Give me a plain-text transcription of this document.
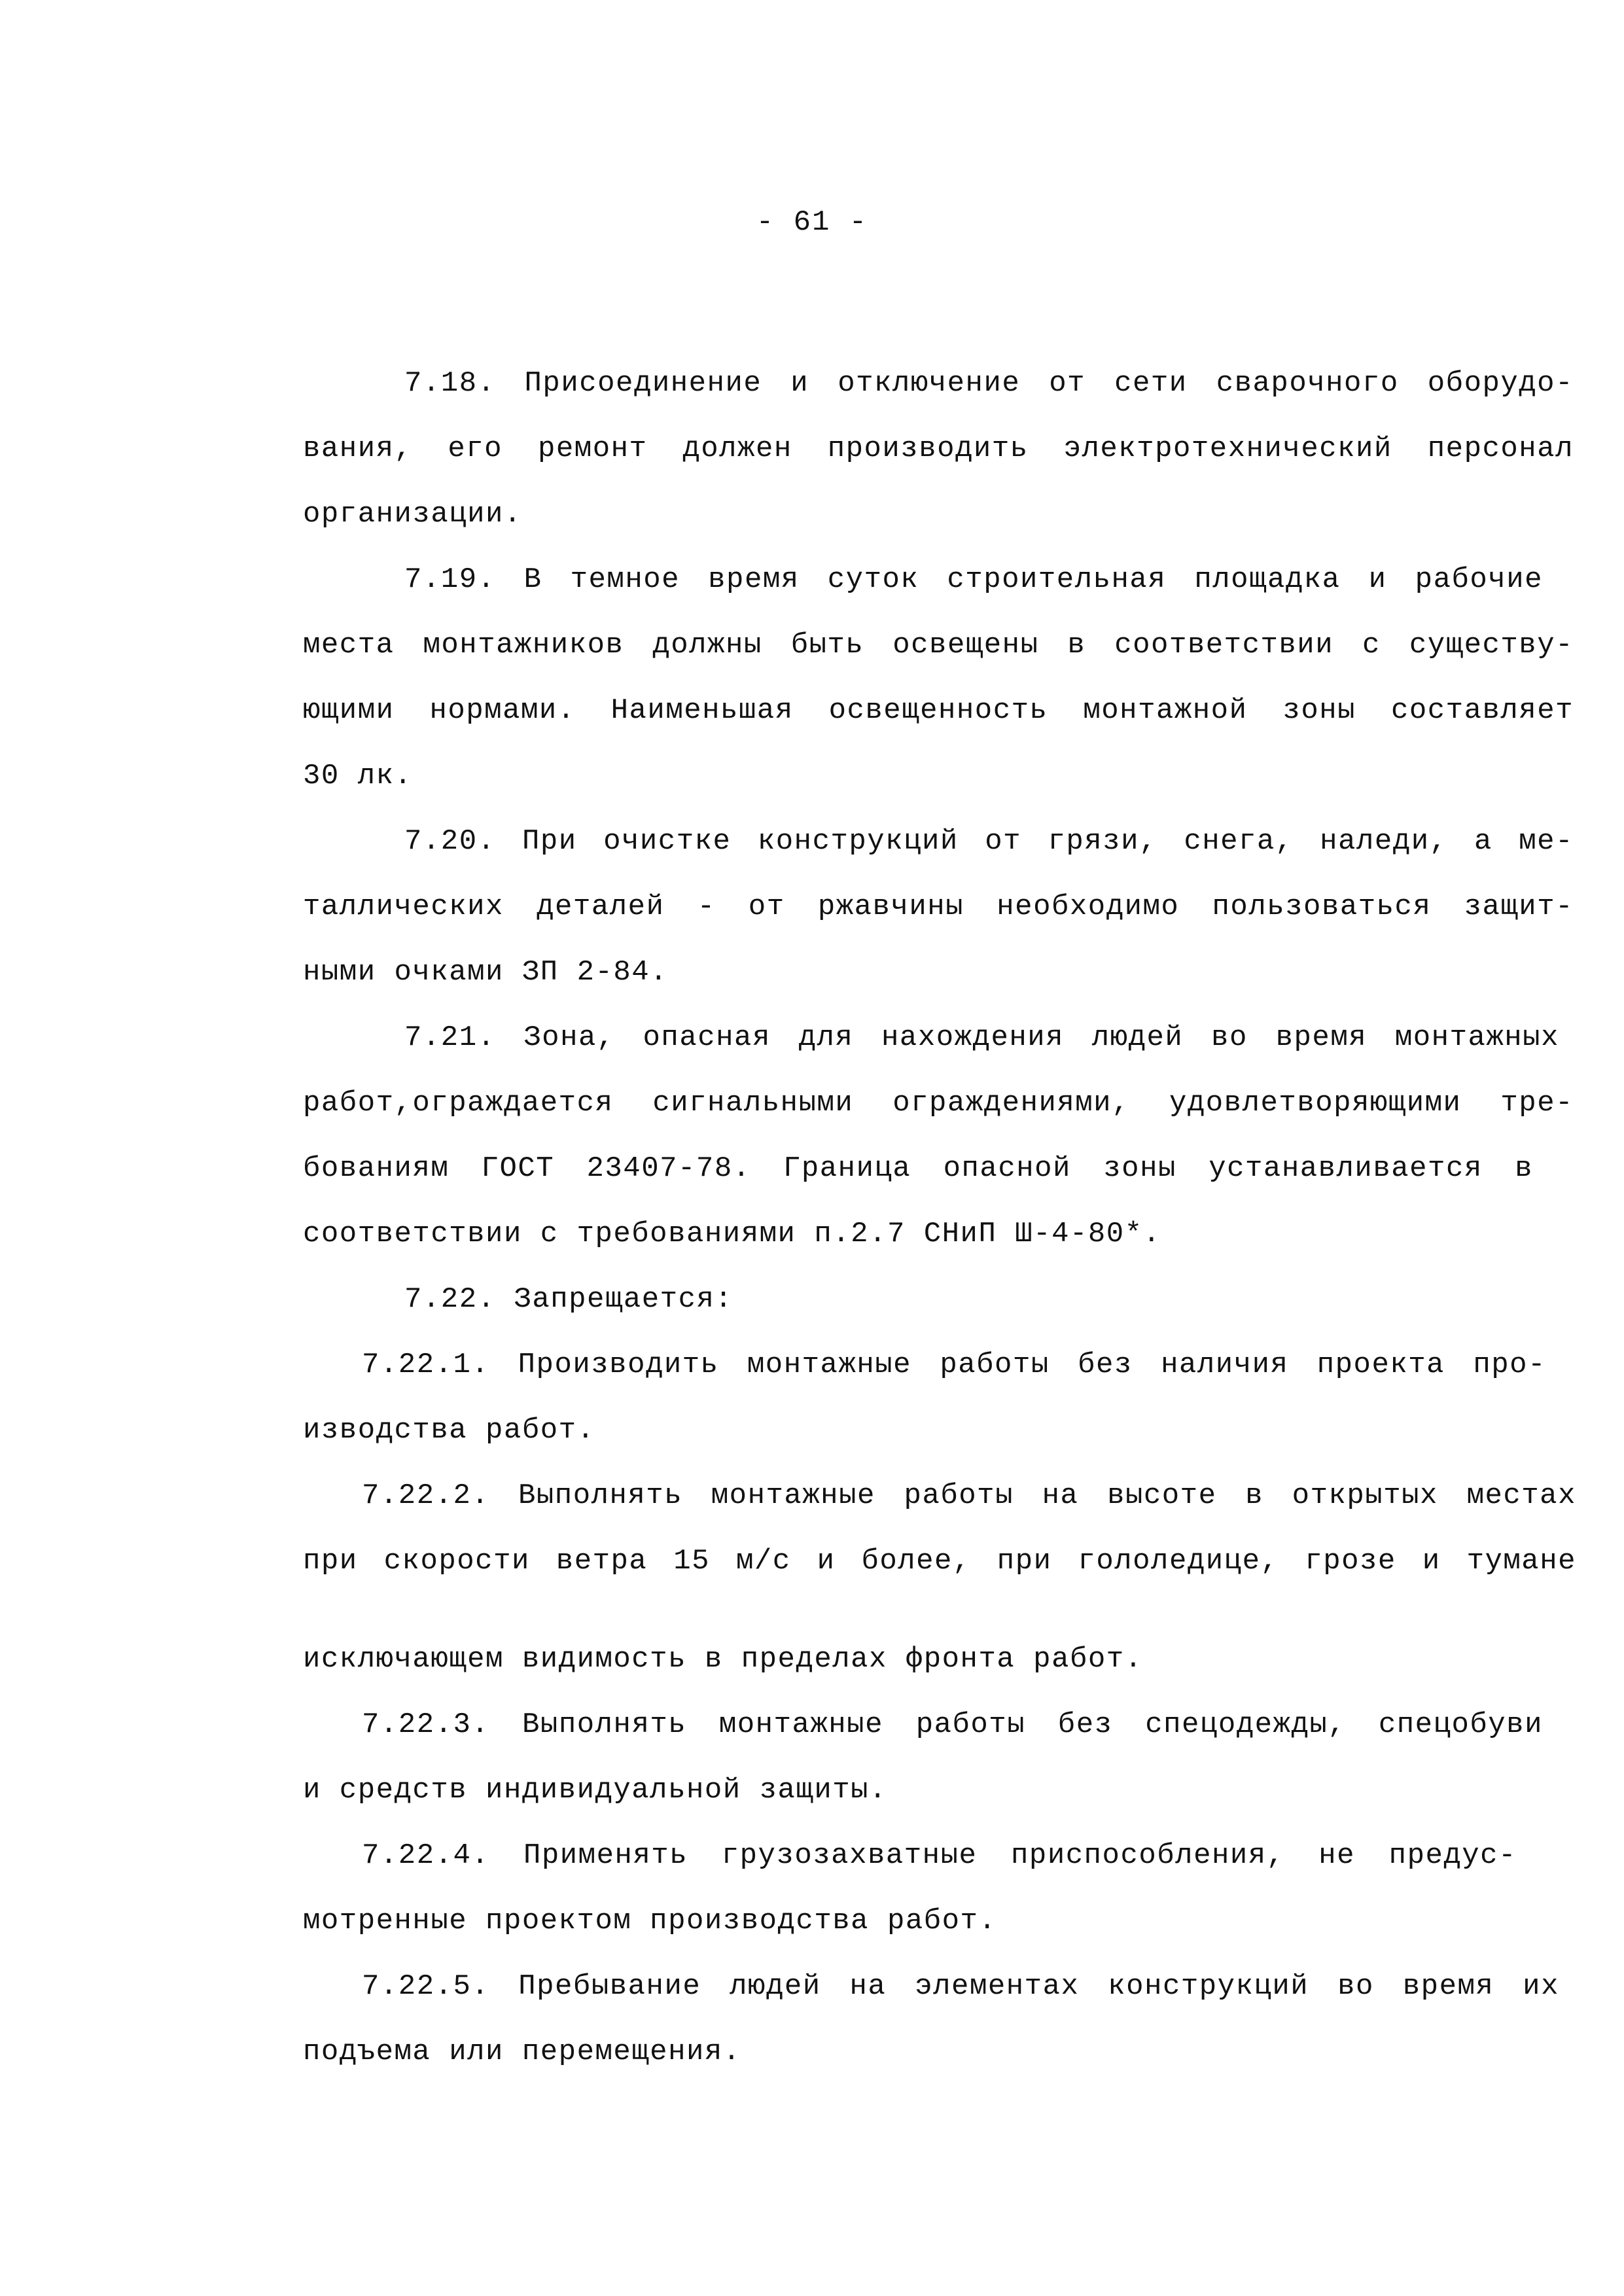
- 61 -
7.18. Присоединение и отключение от сети сварочного оборудо-
вания, его ремонт должен производить электротехнический персонал
организации.
7.19. В темное время суток строительная площадка и рабочие
места монтажников должны быть освещены в соответствии с существу-
ющими нормами. Наименьшая освещенность монтажной зоны составляет
30 лк.
7.20. При очистке конструкций от грязи, снега, наледи, а ме-
таллических деталей - от ржавчины необходимо пользоваться защит-
ными очками ЗП 2-84.
7.21. Зона, опасная для нахождения людей во время монтажных
работ,ограждается сигнальными ограждениями, удовлетворяющими тре-
бованиям ГОСТ 23407-78. Граница опасной зоны устанавливается в
соответствии с требованиями п.2.7 СНиП Ш-4-80*.
7.22. Запрещается:
7.22.1. Производить монтажные работы без наличия проекта про-
изводства работ.
7.22.2. Выполнять монтажные работы на высоте в открытых местах
при скорости ветра 15 м/с и более, при гололедице, грозе и тумане
исключающем видимость в пределах фронта работ.
7.22.3. Выполнять монтажные работы без спецодежды, спецобуви
и средств индивидуальной защиты.
7.22.4. Применять грузозахватные приспособления, не предус-
мотренные проектом производства работ.
7.22.5. Пребывание людей на элементах конструкций во время их
подъема или перемещения.
